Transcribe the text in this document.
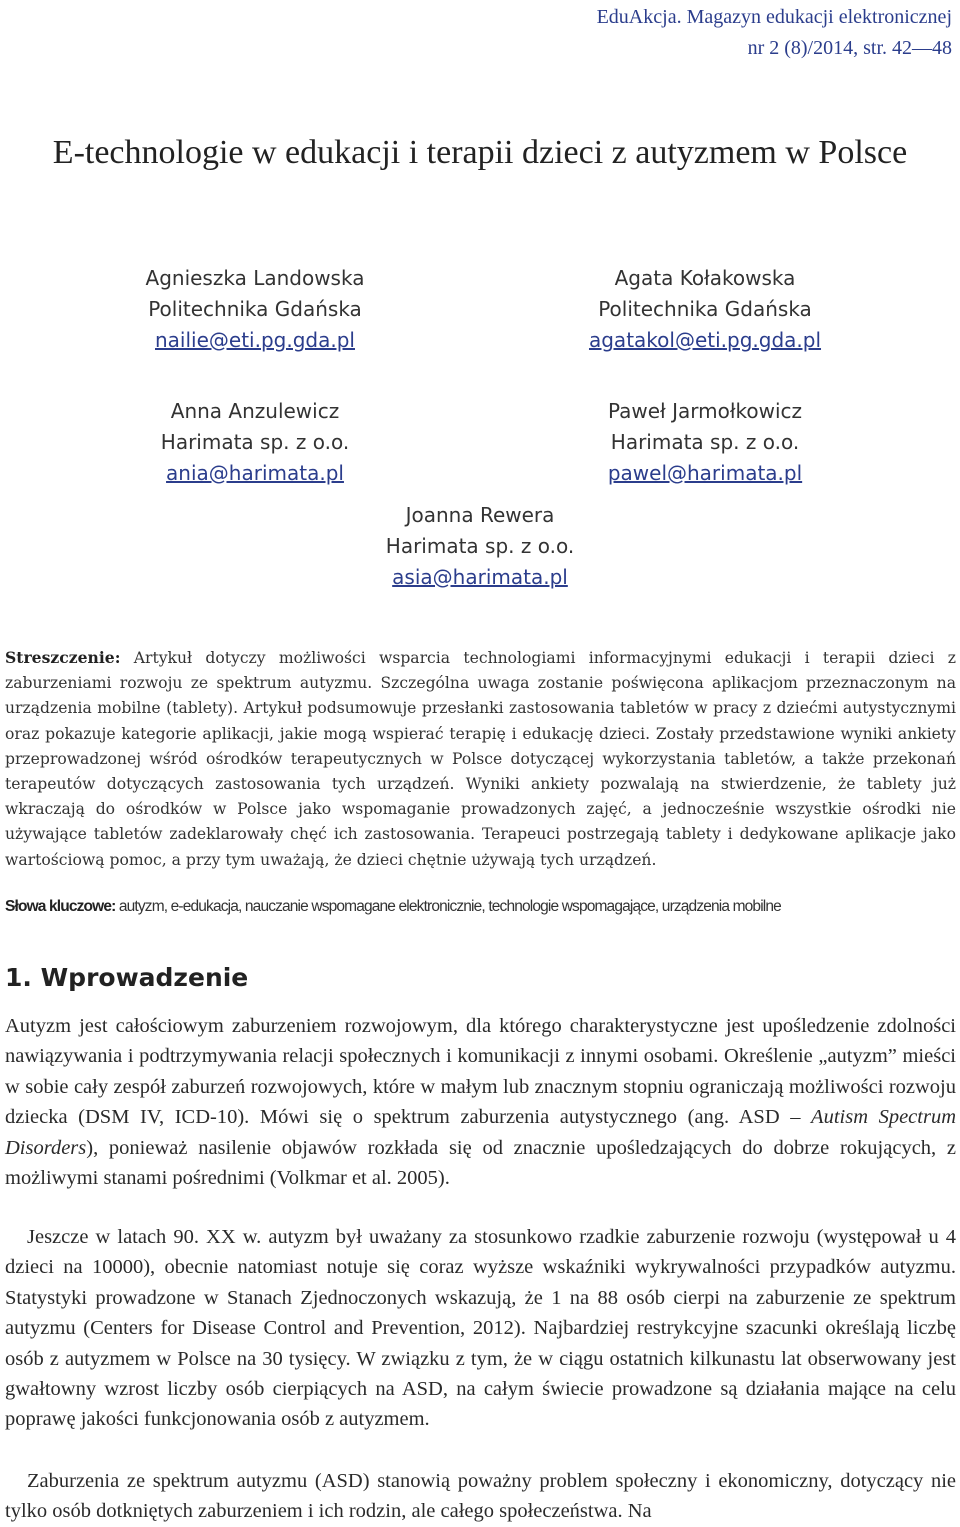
EduAkcja. Magazyn edukacji elektronicznej
nr 2 (8)/2014, str. 42—48
E-technologie w edukacji i terapii dzieci z autyzmem w Polsce
Agnieszka Landowska
Politechnika Gdańska
nailie@eti.pg.gda.pl
Agata Kołakowska
Politechnika Gdańska
agatakol@eti.pg.gda.pl
Anna Anzulewicz
Harimata sp. z o.o.
ania@harimata.pl
Paweł Jarmołkowicz
Harimata sp. z o.o.
pawel@harimata.pl
Joanna Rewera
Harimata sp. z o.o.
asia@harimata.pl

Streszczenie: Artykuł dotyczy możliwości wsparcia technologiami informacyjnymi edukacji i terapii dzieci z zaburzeniami rozwoju ze spektrum autyzmu. Szczególna uwaga zostanie poświęcona aplikacjom przeznaczonym na urządzenia mobilne (tablety). Artykuł podsumowuje przesłanki zastosowania tabletów w pracy z dziećmi autystycznymi oraz pokazuje kategorie aplikacji, jakie mogą wspierać terapię i edukację dzieci. Zostały przedstawione wyniki ankiety przeprowadzonej wśród ośrodków terapeutycznych w Polsce dotyczącej wykorzystania tabletów, a także przekonań terapeutów dotyczących zastosowania tych urządzeń. Wyniki ankiety pozwalają na stwierdzenie, że tablety już wkraczają do ośrodków w Polsce jako wspomaganie prowadzonych zajęć, a jednocześnie wszystkie ośrodki nie używające tabletów zadeklarowały chęć ich zastosowania. Terapeuci postrzegają tablety i dedykowane aplikacje jako wartościową pomoc, a przy tym uważają, że dzieci chętnie używają tych urządzeń.

Słowa kluczowe: autyzm, e-edukacja, nauczanie wspomagane elektronicznie, technologie wspomagające, urządzenia mobilne

1. Wprowadzenie

Autyzm jest całościowym zaburzeniem rozwojowym, dla którego charakterystyczne jest upośledzenie zdolności nawiązywania i podtrzymywania relacji społecznych i komunikacji z innymi osobami. Określenie „autyzm” mieści w sobie cały zespół zaburzeń rozwojowych, które w małym lub znacznym stopniu ograniczają możliwości rozwoju dziecka (DSM IV, ICD-10). Mówi się o spektrum zaburzenia autystycznego (ang. ASD – Autism Spectrum Disorders), ponieważ nasilenie objawów rozkłada się od znacznie upośledzających do dobrze rokujących, z możliwymi stanami pośrednimi (Volkmar et al. 2005).

Jeszcze w latach 90. XX w. autyzm był uważany za stosunkowo rzadkie zaburzenie rozwoju (występował u 4 dzieci na 10000), obecnie natomiast notuje się coraz wyższe wskaźniki wykrywalności przypadków autyzmu. Statystyki prowadzone w Stanach Zjednoczonych wskazują, że 1 na 88 osób cierpi na zaburzenie ze spektrum autyzmu (Centers for Disease Control and Prevention, 2012). Najbardziej restrykcyjne szacunki określają liczbę osób z autyzmem w Polsce na 30 tysięcy. W związku z tym, że w ciągu ostatnich kilkunastu lat obserwowany jest gwałtowny wzrost liczby osób cierpiących na ASD, na całym świecie prowadzone są działania mające na celu poprawę jakości funkcjonowania osób z autyzmem.

Zaburzenia ze spektrum autyzmu (ASD) stanowią poważny problem społeczny i ekonomiczny, dotyczący nie tylko osób dotkniętych zaburzeniem i ich rodzin, ale całego społeczeństwa. Na
